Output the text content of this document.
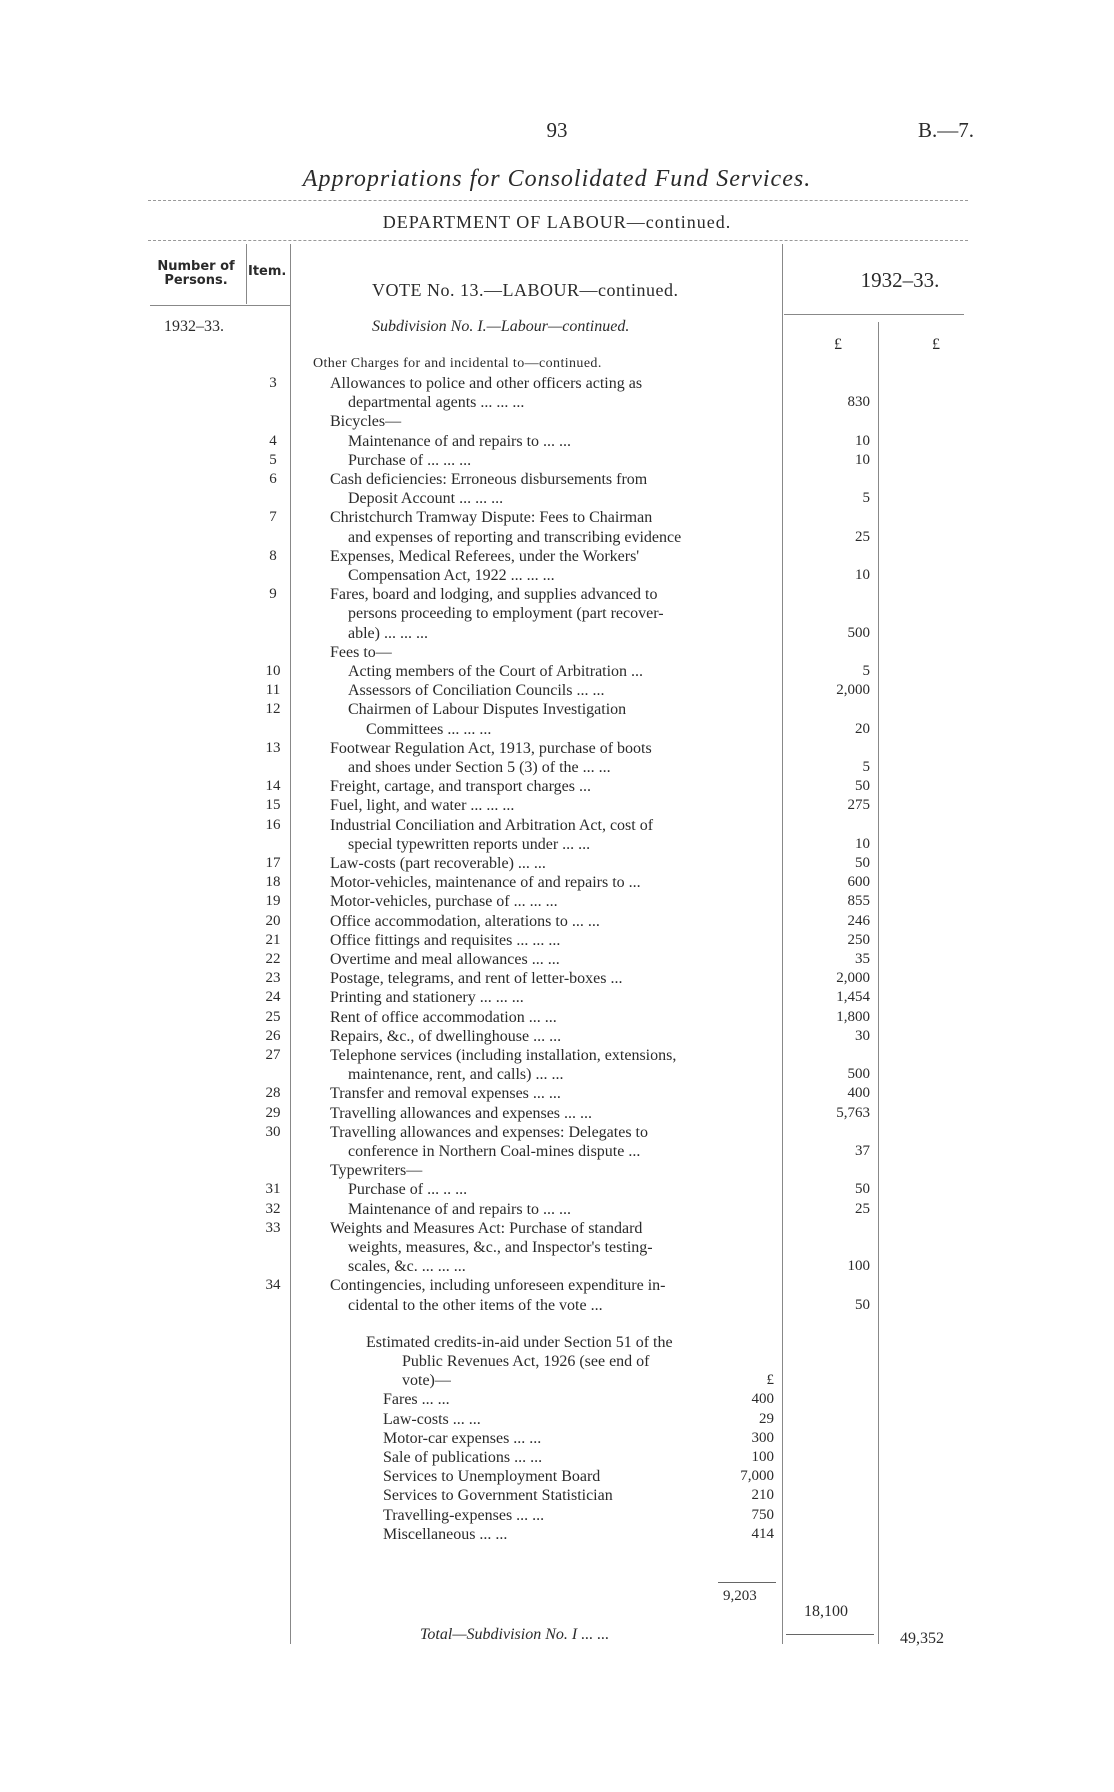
93	B.—7.
Appropriations for Consolidated Fund Services.
DEPARTMENT OF LABOUR—continued.
Number of Persons.
Item.
VOTE No. 13.—LABOUR—continued.	1932–33.
1932–33.	Subdivision No. I.—Labour—continued.
£	£
Other Charges for and incidental to—continued.
3	Allowances to police and other officers acting as
departmental agents ... ... ...	830
Bicycles—
4	Maintenance of and repairs to ... ...	10
5	Purchase of ... ... ...	10
6	Cash deficiencies: Erroneous disbursements from
Deposit Account ... ... ...	5
7	Christchurch Tramway Dispute: Fees to Chairman
and expenses of reporting and transcribing evidence	25
8	Expenses, Medical Referees, under the Workers'
Compensation Act, 1922 ... ... ...	10
9	Fares, board and lodging, and supplies advanced to
persons proceeding to employment (part recover-
able) ... ... ...	500
Fees to—
10	Acting members of the Court of Arbitration ...	5
11	Assessors of Conciliation Councils ... ...	2,000
12	Chairmen of Labour Disputes Investigation
Committees ... ... ...	20
13	Footwear Regulation Act, 1913, purchase of boots
and shoes under Section 5 (3) of the ... ...	5
14	Freight, cartage, and transport charges ...	50
15	Fuel, light, and water ... ... ...	275
16	Industrial Conciliation and Arbitration Act, cost of
special typewritten reports under ... ...	10
17	Law-costs (part recoverable) ... ...	50
18	Motor-vehicles, maintenance of and repairs to ...	600
19	Motor-vehicles, purchase of ... ... ...	855
20	Office accommodation, alterations to ... ...	246
21	Office fittings and requisites ... ... ...	250
22	Overtime and meal allowances ... ...	35
23	Postage, telegrams, and rent of letter-boxes ...	2,000
24	Printing and stationery ... ... ...	1,454
25	Rent of office accommodation ... ...	1,800
26	Repairs, &c., of dwellinghouse ... ...	30
27	Telephone services (including installation, extensions,
maintenance, rent, and calls) ... ...	500
28	Transfer and removal expenses ... ...	400
29	Travelling allowances and expenses ... ...	5,763
30	Travelling allowances and expenses: Delegates to
conference in Northern Coal-mines dispute ...	37
Typewriters—
31	Purchase of ... .. ...	50
32	Maintenance of and repairs to ... ...	25
33	Weights and Measures Act: Purchase of standard
weights, measures, &c., and Inspector's testing-
scales, &c. ... ... ...	100
34	Contingencies, including unforeseen expenditure in-
cidental to the other items of the vote ...	50
Estimated credits-in-aid under Section 51 of the
Public Revenues Act, 1926 (see end of
vote)—	£
Fares ... ...	400
Law-costs ... ...	29
Motor-car expenses ... ...	300
Sale of publications ... ...	100
Services to Unemployment Board	7,000
Services to Government Statistician	210
Travelling-expenses ... ...	750
Miscellaneous ... ...	414
9,203
18,100
Total—Subdivision No. I ... ...	49,352
